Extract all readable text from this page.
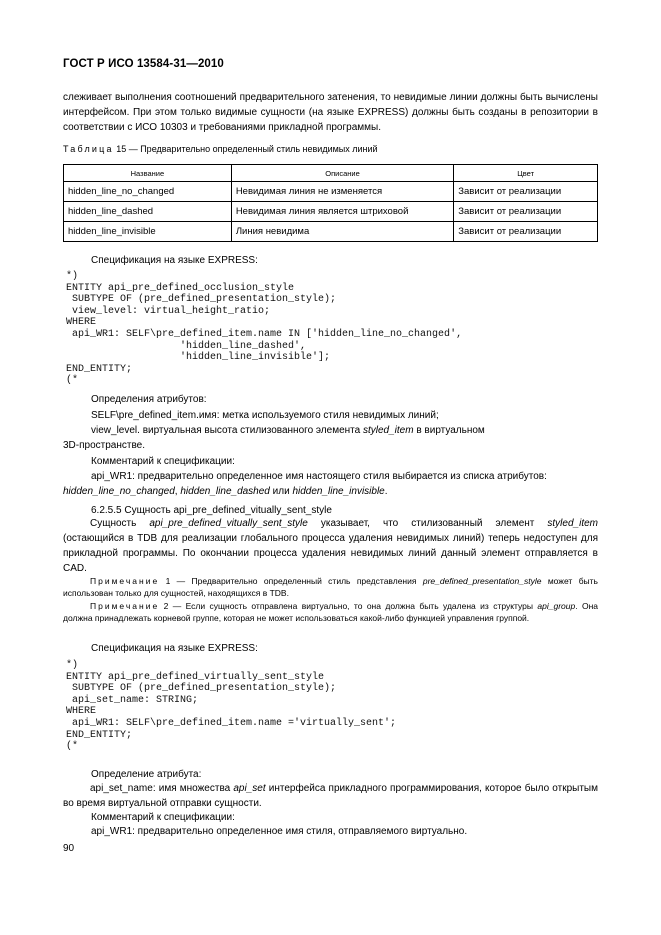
ГОСТ Р ИСО 13584-31—2010
слеживает выполнения соотношений предварительного затенения, то невидимые линии должны быть вычислены интерфейсом. При этом только видимые сущности (на языке EXPRESS) должны быть созданы в репозитории в соответствии с ИСО 10303 и требованиями прикладной программы.
Таблица 15 — Предварительно определенный стиль невидимых линий
Название	Описание	Цвет
hidden_line_no_changed	Невидимая линия не изменяется	Зависит от реализации
hidden_line_dashed	Невидимая линия является штриховой	Зависит от реализации
hidden_line_invisible	Линия невидима	Зависит от реализации
Спецификация на языке EXPRESS:
*)
ENTITY api_pre_defined_occlusion_style
SUBTYPE OF (pre_defined_presentation_style);
view_level: virtual_height_ratio;
WHERE
api_WR1: SELF\pre_defined_item.name IN ['hidden_line_no_changed',
'hidden_line_dashed',
'hidden_line_invisible'];
END_ENTITY;
(*
Определения атрибутов:
SELF\pre_defined_item.имя: метка используемого стиля невидимых линий;
view_level. виртуальная высота стилизованного элемента styled_item в виртуальном
3D-пространстве.
Комментарий к спецификации:
api_WR1: предварительно определенное имя настоящего стиля выбирается из списка атрибутов:
hidden_line_no_changed, hidden_line_dashed или hidden_line_invisible.
6.2.5.5 Сущность api_pre_defined_vitually_sent_style
Сущность api_pre_defined_vitually_sent_style указывает, что стилизованный элемент styled_item (остающийся в TDB для реализации глобального процесса удаления невидимых линий) теперь недоступен для прикладной программы. По окончании процесса удаления невидимых линий данный элемент отправляется в CAD.
Примечание 1 — Предварительно определенный стиль представления pre_defined_presentation_style может быть использован только для сущностей, находящихся в TDB.
Примечание 2 — Если сущность отправлена виртуально, то она должна быть удалена из структуры api_group. Она должна принадлежать корневой группе, которая не может использоваться какой-либо функцией управления группой.
Спецификация на языке EXPRESS:
*)
ENTITY api_pre_defined_virtually_sent_style
SUBTYPE OF (pre_defined_presentation_style);
api_set_name: STRING;
WHERE
api_WR1: SELF\pre_defined_item.name ='virtually_sent';
END_ENTITY;
(*
Определение атрибута:
api_set_name: имя множества api_set интерфейса прикладного программирования, которое было открытым во время виртуальной отправки сущности.
Комментарий к спецификации:
api_WR1: предварительно определенное имя стиля, отправляемого виртуально.
90
